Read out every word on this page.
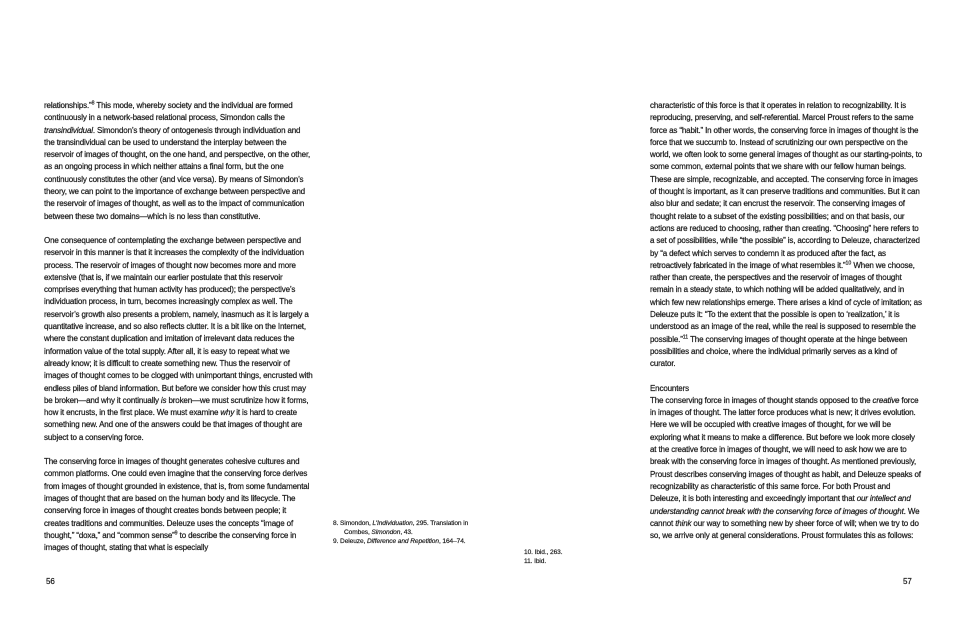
relationships.”$^8$ This mode, whereby society and the individual are formed continuously in a network-based relational process, Simondon calls the transindividual. Simondon’s theory of ontogenesis through individuation and the transindividual can be used to understand the interplay between the reservoir of images of thought, on the one hand, and perspective, on the other, as an ongoing process in which neither attains a final form, but the one continuously constitutes the other (and vice versa). By means of Simondon’s theory, we can point to the importance of exchange between perspective and the reservoir of images of thought, as well as to the impact of communication between these two domains—which is no less than constitutive.

One consequence of contemplating the exchange between perspective and reservoir in this manner is that it increases the complexity of the individuation process. The reservoir of images of thought now becomes more and more extensive (that is, if we maintain our earlier postulate that this reservoir comprises everything that human activity has produced); the perspective’s individuation process, in turn, becomes increasingly complex as well. The reservoir’s growth also presents a problem, namely, inasmuch as it is largely a quantitative increase, and so also reflects clutter. It is a bit like on the Internet, where the constant duplication and imitation of irrelevant data reduces the information value of the total supply. After all, it is easy to repeat what we already know; it is difficult to create something new. Thus the reservoir of images of thought comes to be clogged with unimportant things, encrusted with endless piles of bland information. But before we consider how this crust may be broken—and why it continually is broken—we must scrutinize how it forms, how it encrusts, in the first place. We must examine why it is hard to create something new. And one of the answers could be that images of thought are subject to a conserving force.

The conserving force in images of thought generates cohesive cultures and common platforms. One could even imagine that the conserving force derives from images of thought grounded in existence, that is, from some fundamental images of thought that are based on the human body and its lifecycle. The conserving force in images of thought creates bonds between people; it creates traditions and communities. Deleuze uses the concepts “image of thought,” “doxa,” and “common sense”$^9$ to describe the conserving force in images of thought, stating that what is especially

characteristic of this force is that it operates in relation to recognizability. It is reproducing, preserving, and self-referential. Marcel Proust refers to the same force as “habit.” In other words, the conserving force in images of thought is the force that we succumb to. Instead of scrutinizing our own perspective on the world, we often look to some general images of thought as our starting-points, to some common, external points that we share with our fellow human beings. These are simple, recognizable, and accepted. The conserving force in images of thought is important, as it can preserve traditions and communities. But it can also blur and sedate; it can encrust the reservoir. The conserving images of thought relate to a subset of the existing possibilities; and on that basis, our actions are reduced to choosing, rather than creating. “Choosing” here refers to a set of possibilities, while “the possible” is, according to Deleuze, characterized by “a defect which serves to condemn it as produced after the fact, as retroactively fabricated in the image of what resembles it.”$^{10}$ When we choose, rather than create, the perspectives and the reservoir of images of thought remain in a steady state, to which nothing will be added qualitatively, and in which few new relationships emerge. There arises a kind of cycle of imitation; as Deleuze puts it: “To the extent that the possible is open to ‘realization,’ it is understood as an image of the real, while the real is supposed to resemble the possible.”$^{11}$ The conserving images of thought operate at the hinge between possibilities and choice, where the individual primarily serves as a kind of curator.

Encounters

The conserving force in images of thought stands opposed to the creative force in images of thought. The latter force produces what is new; it drives evolution. Here we will be occupied with creative images of thought, for we will be exploring what it means to make a difference. But before we look more closely at the creative force in images of thought, we will need to ask how we are to break with the conserving force in images of thought. As mentioned previously, Proust describes conserving images of thought as habit, and Deleuze speaks of recognizability as characteristic of this same force. For both Proust and Deleuze, it is both interesting and exceedingly important that our intellect and understanding cannot break with the conserving force of images of thought. We cannot think our way to something new by sheer force of will; when we try to do so, we arrive only at general considerations. Proust formulates this as follows:

8. Simondon, L’Individuation, 295. Translation in Combes, Simondon, 43.
9. Deleuze, Difference and Repetition, 164–74.
10. Ibid., 263.
11. Ibid.
56	57
